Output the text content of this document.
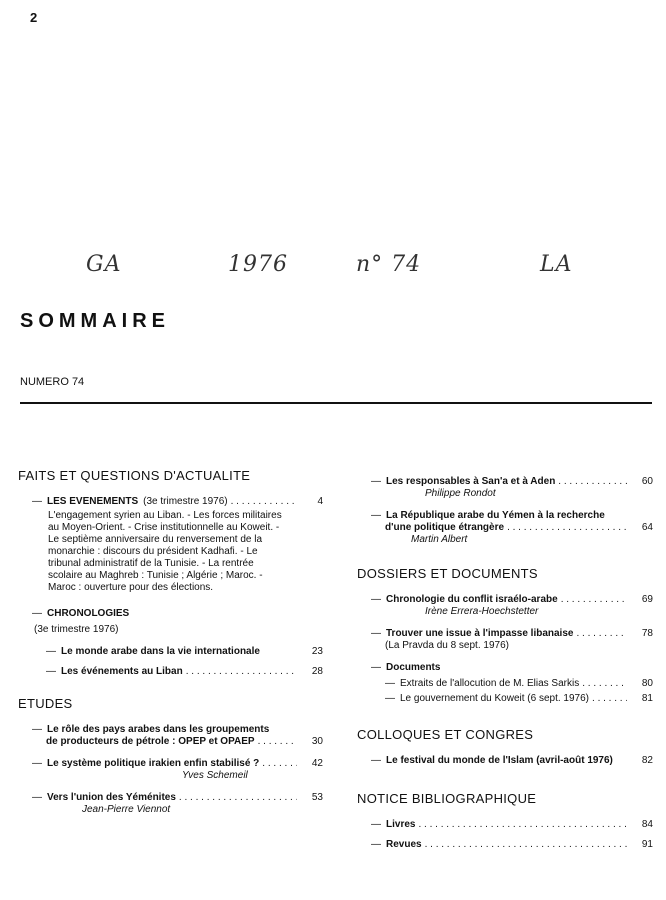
2
GA	1976	n° 74	LA
SOMMAIRE
NUMERO 74
FAITS ET QUESTIONS D'ACTUALITE
— LES EVENEMENTS (3e trimestre 1976) . . .	4
L'engagement syrien au Liban. - Les forces militaires au Moyen-Orient. - Crise institutionnelle au Koweit. - Le septième anniversaire du renversement de la monarchie : discours du président Kadhafi. - Le tribunal administratif de la Tunisie. - La rentrée scolaire au Maghreb : Tunisie ; Algérie ; Maroc. - Maroc : ouverture pour des élections.
— CHRONOLOGIES
(3e trimestre 1976)
— Le monde arabe dans la vie internationale	23
— Les événements au Liban . . .	28
ETUDES
— Le rôle des pays arabes dans les groupements
de producteurs de pétrole : OPEP et OPAEP . . .	30
— Le système politique irakien enfin stabilisé ? . . .	42
Yves Schemeil
— Vers l'union des Yéménites . . .	53
Jean-Pierre Viennot
— Les responsables à San'a et à Aden . . .	60
Philippe Rondot
— La République arabe du Yémen à la recherche
d'une politique étrangère . . .	64
Martin Albert
DOSSIERS ET DOCUMENTS
— Chronologie du conflit israélo-arabe . . .	69
Irène Errera-Hoechstetter
— Trouver une issue à l'impasse libanaise . . .	78
(La Pravda du 8 sept. 1976)
— Documents
— Extraits de l'allocution de M. Elias Sarkis . . .	80
— Le gouvernement du Koweit (6 sept. 1976) . . .	81
COLLOQUES ET CONGRES
— Le festival du monde de l'Islam (avril-août 1976)	82
NOTICE BIBLIOGRAPHIQUE
— Livres . . .	84
— Revues . . .	91
